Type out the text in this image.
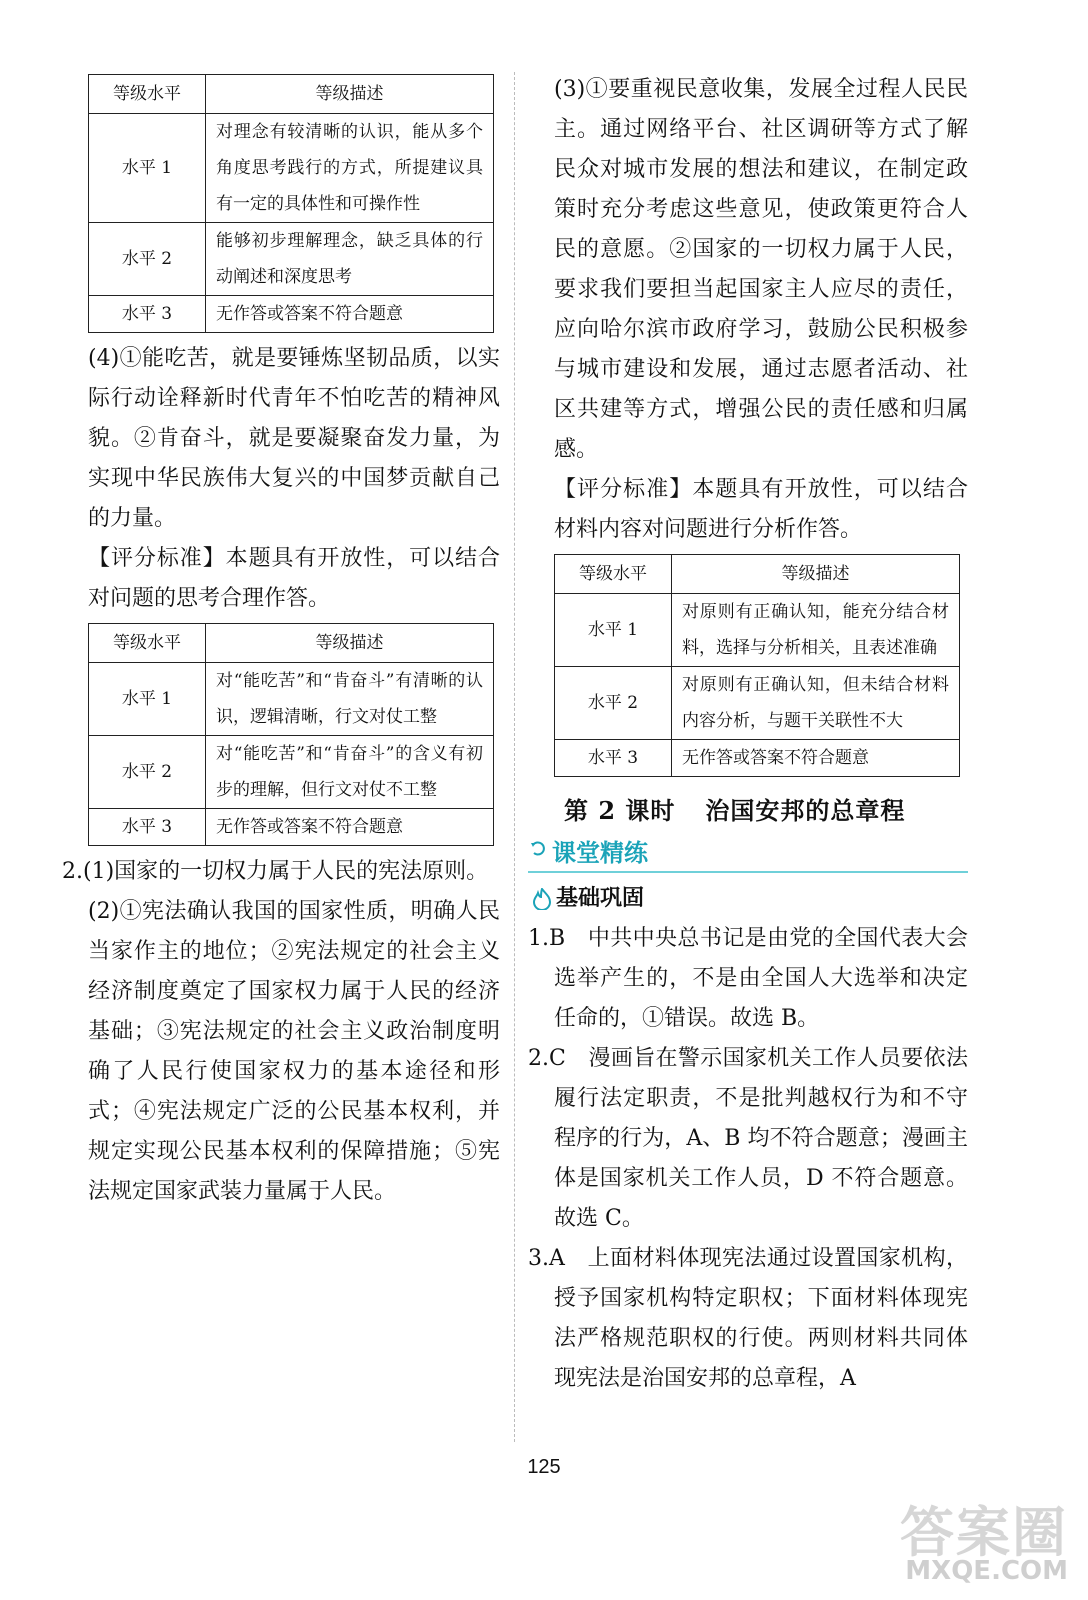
等级水平	等级描述
水平 1	对理念有较清晰的认识，能从多个角度思考践行的方式，所提建议具有一定的具体性和可操作性
水平 2	能够初步理解理念，缺乏具体的行动阐述和深度思考
水平 3	无作答或答案不符合题意

(4)①能吃苦，就是要锤炼坚韧品质，以实际行动诠释新时代青年不怕吃苦的精神风貌。②肯奋斗，就是要凝聚奋发力量，为实现中华民族伟大复兴的中国梦贡献自己的力量。

【评分标准】本题具有开放性，可以结合对问题的思考合理作答。

等级水平	等级描述
水平 1	对“能吃苦”和“肯奋斗”有清晰的认识，逻辑清晰，行文对仗工整
水平 2	对“能吃苦”和“肯奋斗”的含义有初步的理解，但行文对仗不工整
水平 3	无作答或答案不符合题意

2.(1)国家的一切权力属于人民的宪法原则。

(2)①宪法确认我国的国家性质，明确人民当家作主的地位；②宪法规定的社会主义经济制度奠定了国家权力属于人民的经济基础；③宪法规定的社会主义政治制度明确了人民行使国家权力的基本途径和形式；④宪法规定广泛的公民基本权利，并规定实现公民基本权利的保障措施；⑤宪法规定国家武装力量属于人民。

(3)①要重视民意收集，发展全过程人民民主。通过网络平台、社区调研等方式了解民众对城市发展的想法和建议，在制定政策时充分考虑这些意见，使政策更符合人民的意愿。②国家的一切权力属于人民，要求我们要担当起国家主人应尽的责任，应向哈尔滨市政府学习，鼓励公民积极参与城市建设和发展，通过志愿者活动、社区共建等方式，增强公民的责任感和归属感。

【评分标准】本题具有开放性，可以结合材料内容对问题进行分析作答。

等级水平	等级描述
水平 1	对原则有正确认知，能充分结合材料，选择与分析相关，且表述准确
水平 2	对原则有正确认知，但未结合材料内容分析，与题干关联性不大
水平 3	无作答或答案不符合题意
第 2 课时 治国安邦的总章程
课堂精练
基础巩固

1.B　中共中央总书记是由党的全国代表大会选举产生的，不是由全国人大选举和决定任命的，①错误。故选 B。

2.C　漫画旨在警示国家机关工作人员要依法履行法定职责，不是批判越权行为和不守程序的行为，A、B 均不符合题意；漫画主体是国家机关工作人员，D 不符合题意。故选 C。

3.A　上面材料体现宪法通过设置国家机构，授予国家机构特定职权；下面材料体现宪法严格规范职权的行使。两则材料共同体现宪法是治国安邦的总章程，A

125
答案圈
MXQE.COM
